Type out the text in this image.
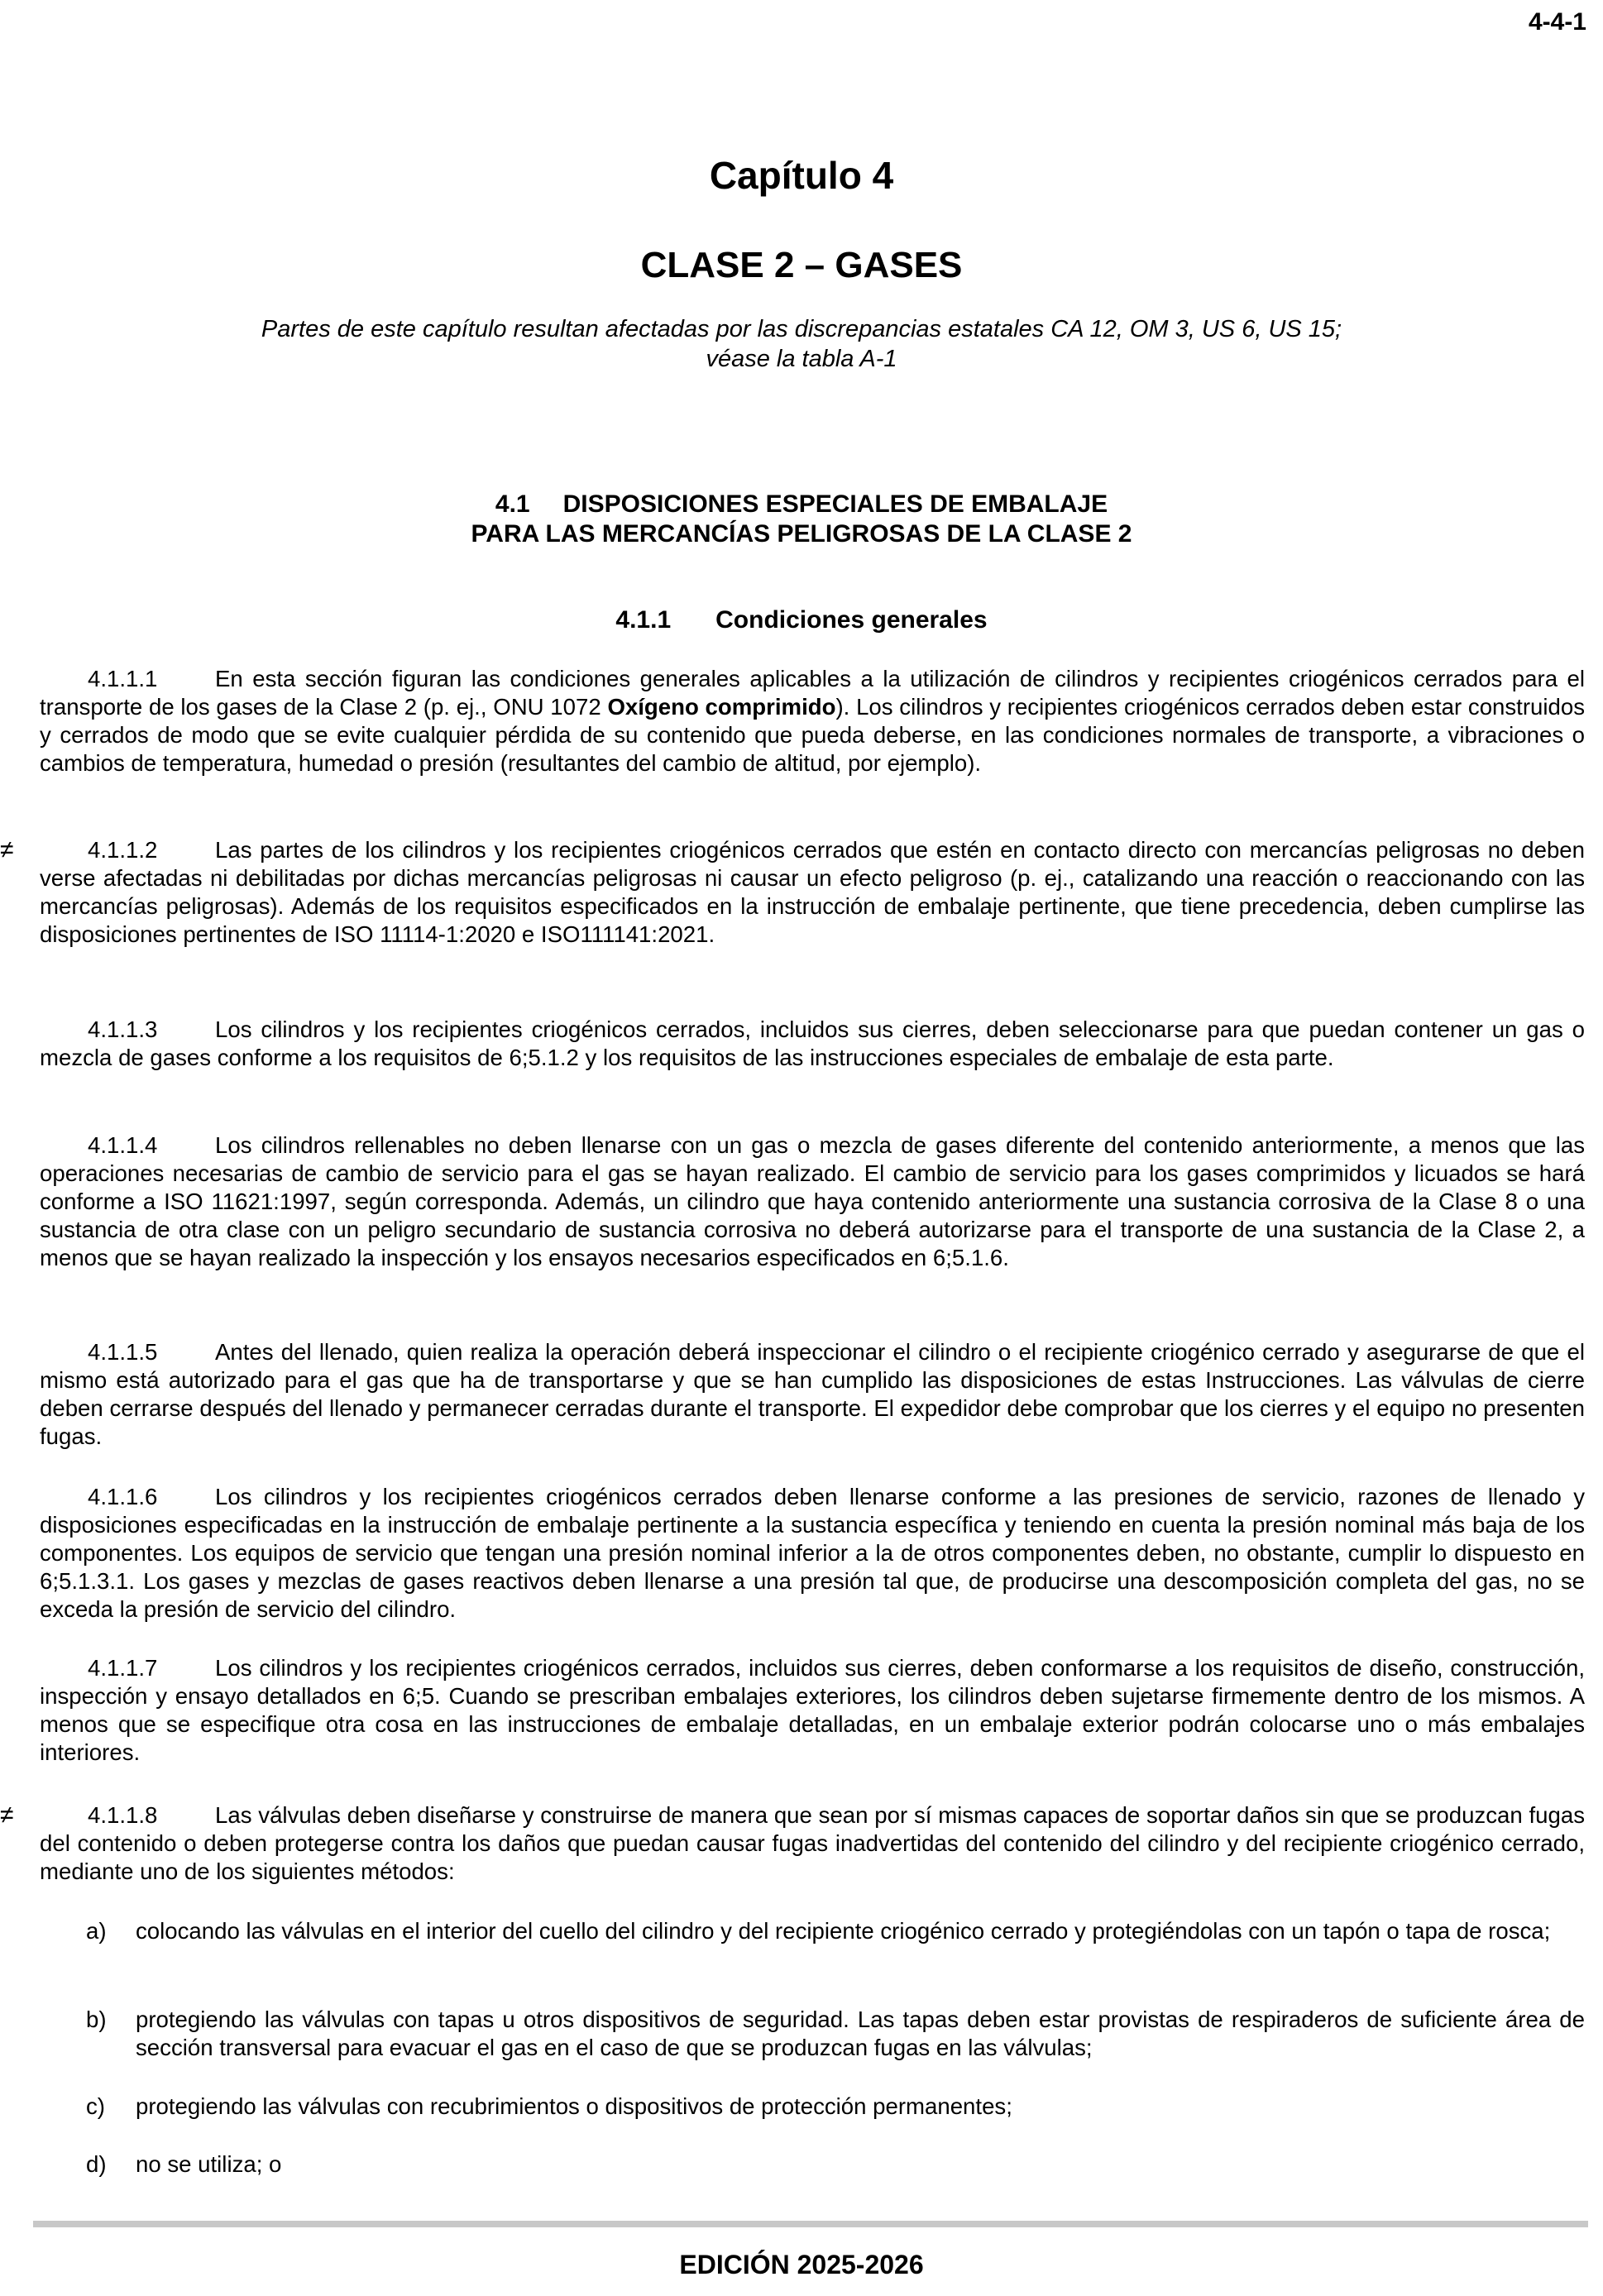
4-4-1
Capítulo 4
CLASE 2 – GASES
Partes de este capítulo resultan afectadas por las discrepancias estatales CA 12, OM 3, US 6, US 15;
véase la tabla A-1
4.1 DISPOSICIONES ESPECIALES DE EMBALAJE
PARA LAS MERCANCÍAS PELIGROSAS DE LA CLASE 2
4.1.1 Condiciones generales
4.1.1.1	En esta sección figuran las condiciones generales aplicables a la utilización de cilindros y recipientes criogénicos cerrados para el transporte de los gases de la Clase 2 (p. ej., ONU 1072 Oxígeno comprimido). Los cilindros y recipientes criogénicos cerrados deben estar construidos y cerrados de modo que se evite cualquier pérdida de su contenido que pueda deberse, en las condiciones normales de transporte, a vibraciones o cambios de temperatura, humedad o presión (resultantes del cambio de altitud, por ejemplo).
≠	4.1.1.2	Las partes de los cilindros y los recipientes criogénicos cerrados que estén en contacto directo con mercancías peligrosas no deben verse afectadas ni debilitadas por dichas mercancías peligrosas ni causar un efecto peligroso (p. ej., catalizando una reacción o reaccionando con las mercancías peligrosas). Además de los requisitos especificados en la instrucción de embalaje pertinente, que tiene precedencia, deben cumplirse las disposiciones pertinentes de ISO 11114-1:2020 e ISO111141:2021.
4.1.1.3	Los cilindros y los recipientes criogénicos cerrados, incluidos sus cierres, deben seleccionarse para que puedan contener un gas o mezcla de gases conforme a los requisitos de 6;5.1.2 y los requisitos de las instrucciones especiales de embalaje de esta parte.
4.1.1.4	Los cilindros rellenables no deben llenarse con un gas o mezcla de gases diferente del contenido anteriormente, a menos que las operaciones necesarias de cambio de servicio para el gas se hayan realizado. El cambio de servicio para los gases comprimidos y licuados se hará conforme a ISO 11621:1997, según corresponda. Además, un cilindro que haya contenido anteriormente una sustancia corrosiva de la Clase 8 o una sustancia de otra clase con un peligro secundario de sustancia corrosiva no deberá autorizarse para el transporte de una sustancia de la Clase 2, a menos que se hayan realizado la inspección y los ensayos necesarios especificados en 6;5.1.6.
4.1.1.5	Antes del llenado, quien realiza la operación deberá inspeccionar el cilindro o el recipiente criogénico cerrado y asegurarse de que el mismo está autorizado para el gas que ha de transportarse y que se han cumplido las disposiciones de estas Instrucciones. Las válvulas de cierre deben cerrarse después del llenado y permanecer cerradas durante el transporte. El expedidor debe comprobar que los cierres y el equipo no presenten fugas.
4.1.1.6	Los cilindros y los recipientes criogénicos cerrados deben llenarse conforme a las presiones de servicio, razones de llenado y disposiciones especificadas en la instrucción de embalaje pertinente a la sustancia específica y teniendo en cuenta la presión nominal más baja de los componentes. Los equipos de servicio que tengan una presión nominal inferior a la de otros componentes deben, no obstante, cumplir lo dispuesto en 6;5.1.3.1. Los gases y mezclas de gases reactivos deben llenarse a una presión tal que, de producirse una descomposición completa del gas, no se exceda la presión de servicio del cilindro.
4.1.1.7	Los cilindros y los recipientes criogénicos cerrados, incluidos sus cierres, deben conformarse a los requisitos de diseño, construcción, inspección y ensayo detallados en 6;5. Cuando se prescriban embalajes exteriores, los cilindros deben sujetarse firmemente dentro de los mismos. A menos que se especifique otra cosa en las instrucciones de embalaje detalladas, en un embalaje exterior podrán colocarse uno o más embalajes interiores.
≠	4.1.1.8	Las válvulas deben diseñarse y construirse de manera que sean por sí mismas capaces de soportar daños sin que se produzcan fugas del contenido o deben protegerse contra los daños que puedan causar fugas inadvertidas del contenido del cilindro y del recipiente criogénico cerrado, mediante uno de los siguientes métodos:
a) colocando las válvulas en el interior del cuello del cilindro y del recipiente criogénico cerrado y protegiéndolas con un tapón o tapa de rosca;
b) protegiendo las válvulas con tapas u otros dispositivos de seguridad. Las tapas deben estar provistas de respiraderos de suficiente área de sección transversal para evacuar el gas en el caso de que se produzcan fugas en las válvulas;
c) protegiendo las válvulas con recubrimientos o dispositivos de protección permanentes;
d) no se utiliza; o
EDICIÓN 2025-2026
